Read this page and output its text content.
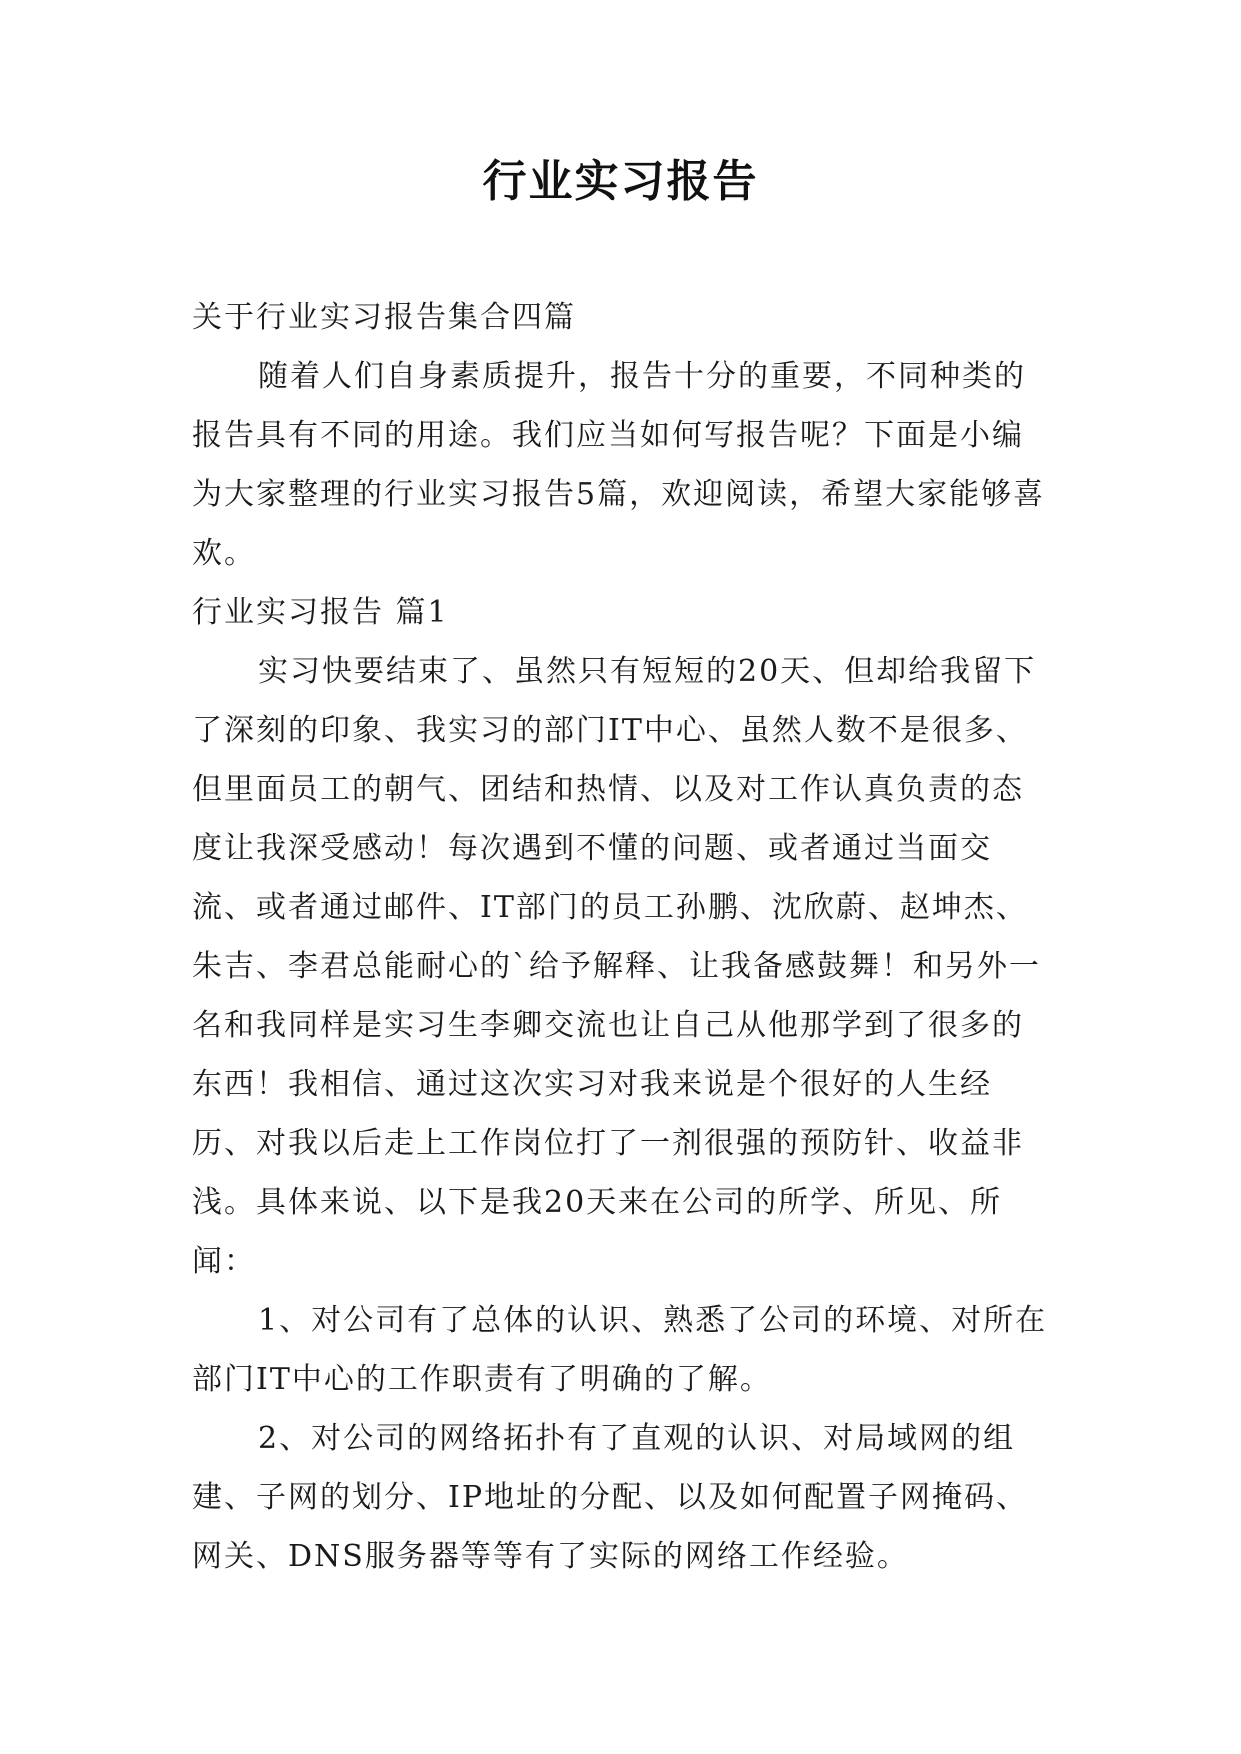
行业实习报告

关于行业实习报告集合四篇

随着人们自身素质提升，报告十分的重要，不同种类的报告具有不同的用途。我们应当如何写报告呢？下面是小编为大家整理的行业实习报告5篇，欢迎阅读，希望大家能够喜欢。

行业实习报告 篇1

实习快要结束了、虽然只有短短的20天、但却给我留下了深刻的印象、我实习的部门IT中心、虽然人数不是很多、但里面员工的朝气、团结和热情、以及对工作认真负责的态度让我深受感动！每次遇到不懂的问题、或者通过当面交流、或者通过邮件、IT部门的员工孙鹏、沈欣蔚、赵坤杰、朱吉、李君总能耐心的`给予解释、让我备感鼓舞！和另外一名和我同样是实习生李卿交流也让自己从他那学到了很多的东西！我相信、通过这次实习对我来说是个很好的人生经历、对我以后走上工作岗位打了一剂很强的预防针、收益非浅。具体来说、以下是我20天来在公司的所学、所见、所闻：

1、对公司有了总体的认识、熟悉了公司的环境、对所在部门IT中心的工作职责有了明确的了解。

2、对公司的网络拓扑有了直观的认识、对局域网的组建、子网的划分、IP地址的分配、以及如何配置子网掩码、网关、DNS服务器等等有了实际的网络工作经验。
